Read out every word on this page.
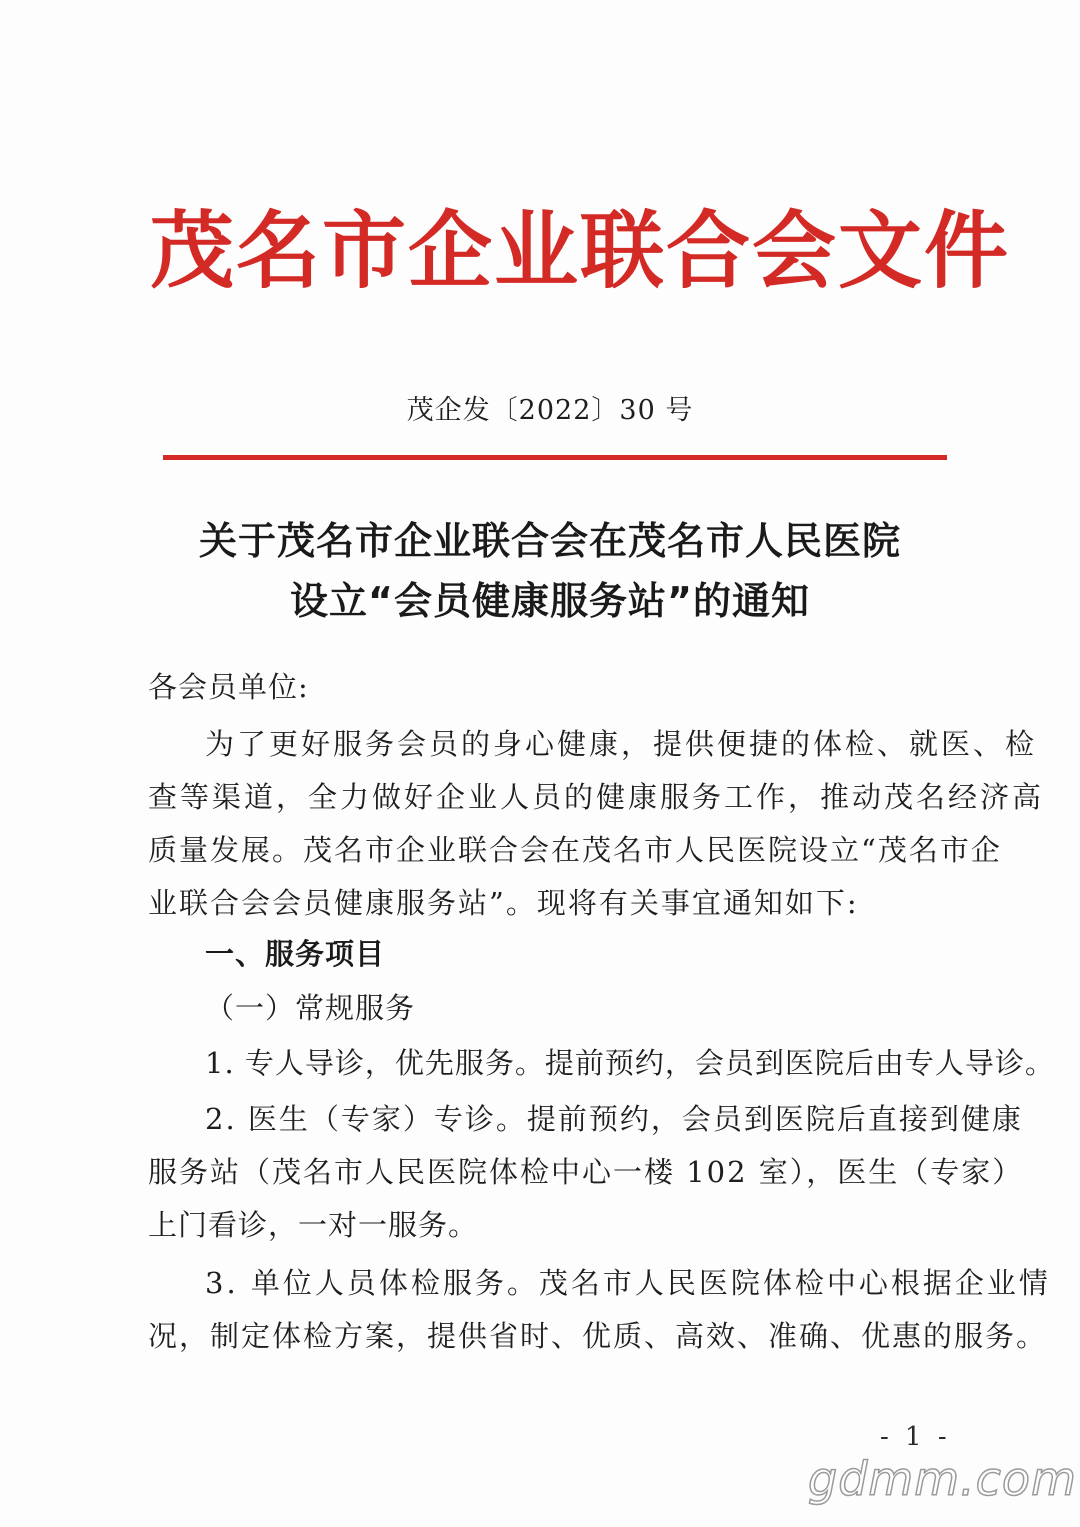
茂名市企业联合会文件
茂企发〔2022〕30 号
关于茂名市企业联合会在茂名市人民医院
设立“会员健康服务站”的通知
各会员单位:
为了更好服务会员的身心健康，提供便捷的体检、就医、检
查等渠道，全力做好企业人员的健康服务工作，推动茂名经济高
质量发展。茂名市企业联合会在茂名市人民医院设立“茂名市企
业联合会会员健康服务站”。现将有关事宜通知如下:
一、服务项目
（一）常规服务
1. 专人导诊，优先服务。提前预约，会员到医院后由专人导诊。
2. 医生（专家）专诊。提前预约，会员到医院后直接到健康
服务站（茂名市人民医院体检中心一楼 102 室），医生（专家）
上门看诊，一对一服务。
3. 单位人员体检服务。茂名市人民医院体检中心根据企业情
况，制定体检方案，提供省时、优质、高效、准确、优惠的服务。
- 1 -
gdmm.com
